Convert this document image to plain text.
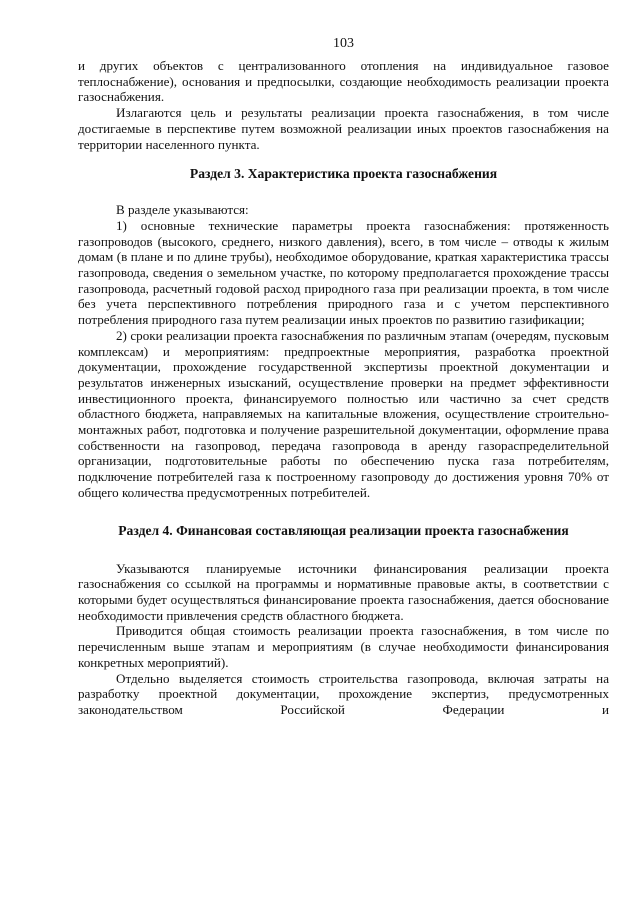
103

и других объектов с централизованного отопления на индивидуальное газовое теплоснабжение), основания и предпосылки, создающие необходимость реализации проекта газоснабжения.

Излагаются цель и результаты реализации проекта газоснабжения, в том числе достигаемые в перспективе путем возможной реализации иных проектов газоснабжения на территории населенного пункта.

Раздел 3. Характеристика проекта газоснабжения

В разделе указываются:

1) основные технические параметры проекта газоснабжения: протяженность газопроводов (высокого, среднего, низкого давления), всего, в том числе – отводы к жилым домам (в плане и по длине трубы), необходимое оборудование, краткая характеристика трассы газопровода, сведения о земельном участке, по которому предполагается прохождение трассы газопровода, расчетный годовой расход природного газа при реализации проекта, в том числе без учета перспективного потребления природного газа и с учетом перспективного потребления природного газа путем реализации иных проектов по развитию газификации;

2) сроки реализации проекта газоснабжения по различным этапам (очередям, пусковым комплексам) и мероприятиям: предпроектные мероприятия, разработка проектной документации, прохождение государственной экспертизы проектной документации и результатов инженерных изысканий, осуществление проверки на предмет эффективности инвестиционного проекта, финансируемого полностью или частично за счет средств областного бюджета, направляемых на капитальные вложения, осуществление строительно-монтажных работ, подготовка и получение разрешительной документации, оформление права собственности на газопровод, передача газопровода в аренду газораспределительной организации, подготовительные работы по обеспечению пуска газа потребителям, подключение потребителей газа к построенному газопроводу до достижения уровня 70% от общего количества предусмотренных потребителей.

Раздел 4. Финансовая составляющая реализации проекта газоснабжения

Указываются планируемые источники финансирования реализации проекта газоснабжения со ссылкой на программы и нормативные правовые акты, в соответствии с которыми будет осуществляться финансирование проекта газоснабжения, дается обоснование необходимости привлечения средств областного бюджета.

Приводится общая стоимость реализации проекта газоснабжения, в том числе по перечисленным выше этапам и мероприятиям (в случае необходимости финансирования конкретных мероприятий).

Отдельно выделяется стоимость строительства газопровода, включая затраты на разработку проектной документации, прохождение экспертиз, предусмотренных законодательством Российской Федерации и
